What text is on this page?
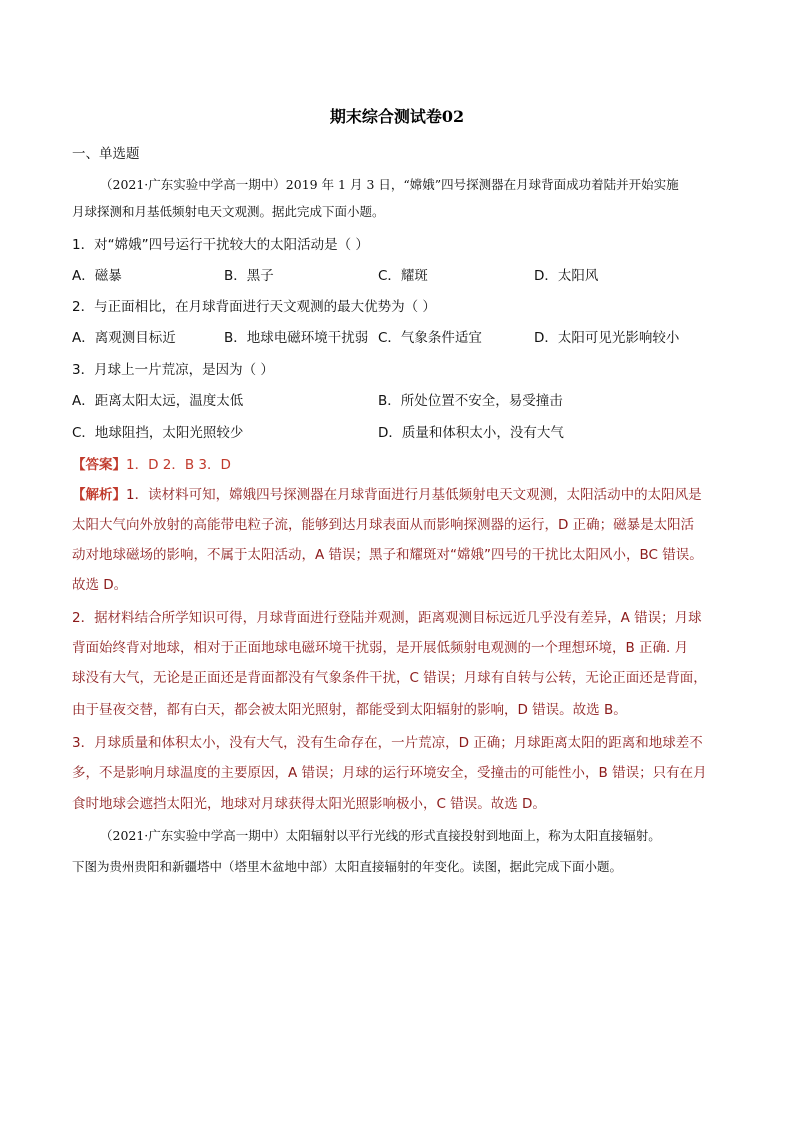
期末综合测试卷02
一、单选题
（2021·广东实验中学高一期中）2019 年 1 月 3 日，“嫦娥”四号探测器在月球背面成功着陆并开始实施
月球探测和月基低频射电天文观测。据此完成下面小题。
1．对“嫦娥”四号运行干扰较大的太阳活动是（ ）
A．磁暴	B．黑子	C．耀斑	D．太阳风
2．与正面相比，在月球背面进行天文观测的最大优势为（ ）
A．离观测目标近	B．地球电磁环境干扰弱 C．气象条件适宜	D．太阳可见光影响较小
3．月球上一片荒凉，是因为（ ）
A．距离太阳太远，温度太低	B．所处位置不安全，易受撞击
C．地球阻挡，太阳光照较少	D．质量和体积太小，没有大气
【答案】1．D 2．B 3．D
【解析】1．读材料可知，嫦娥四号探测器在月球背面进行月基低频射电天文观测，太阳活动中的太阳风是
太阳大气向外放射的高能带电粒子流，能够到达月球表面从而影响探测器的运行，D 正确；磁暴是太阳活
动对地球磁场的影响，不属于太阳活动，A 错误；黑子和耀斑对“嫦娥”四号的干扰比太阳风小，BC 错误。
故选 D。
2．据材料结合所学知识可得，月球背面进行登陆并观测，距离观测目标远近几乎没有差异，A 错误；月球
背面始终背对地球，相对于正面地球电磁环境干扰弱，是开展低频射电观测的一个理想环境，B 正确. 月
球没有大气，无论是正面还是背面都没有气象条件干扰，C 错误；月球有自转与公转，无论正面还是背面，
由于昼夜交替，都有白天，都会被太阳光照射，都能受到太阳辐射的影响，D 错误。故选 B。
3．月球质量和体积太小，没有大气，没有生命存在，一片荒凉，D 正确；月球距离太阳的距离和地球差不
多，不是影响月球温度的主要原因，A 错误；月球的运行环境安全，受撞击的可能性小，B 错误；只有在月
食时地球会遮挡太阳光，地球对月球获得太阳光照影响极小，C 错误。故选 D。
（2021·广东实验中学高一期中）太阳辐射以平行光线的形式直接投射到地面上，称为太阳直接辐射。
下图为贵州贵阳和新疆塔中（塔里木盆地中部）太阳直接辐射的年变化。读图，据此完成下面小题。
